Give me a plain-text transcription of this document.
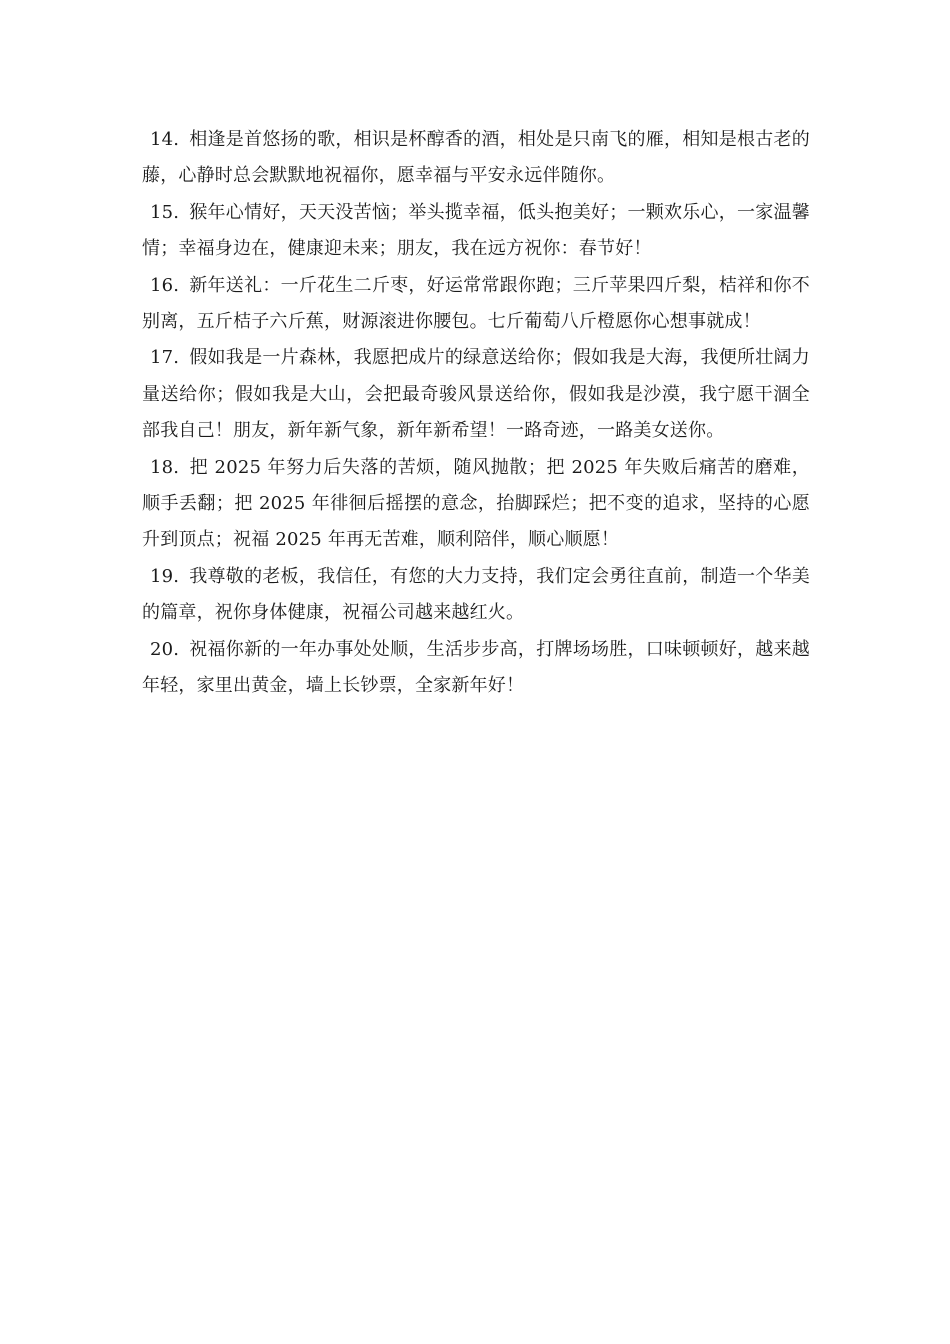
14. 相逢是首悠扬的歌，相识是杯醇香的酒，相处是只南飞的雁，相知是根古老的藤，心静时总会默默地祝福你，愿幸福与平安永远伴随你。

15. 猴年心情好，天天没苦恼；举头揽幸福，低头抱美好；一颗欢乐心，一家温馨情；幸福身边在，健康迎未来；朋友，我在远方祝你：春节好！

16. 新年送礼：一斤花生二斤枣，好运常常跟你跑；三斤苹果四斤梨，桔祥和你不别离，五斤桔子六斤蕉，财源滚进你腰包。七斤葡萄八斤橙愿你心想事就成！

17. 假如我是一片森林，我愿把成片的绿意送给你；假如我是大海，我便所壮阔力量送给你；假如我是大山，会把最奇骏风景送给你，假如我是沙漠，我宁愿干涸全部我自己！朋友，新年新气象，新年新希望！一路奇迹，一路美女送你。

18. 把 2025 年努力后失落的苦烦，随风抛散；把 2025 年失败后痛苦的磨难，顺手丢翻；把 2025 年徘徊后摇摆的意念，抬脚踩烂；把不变的追求，坚持的心愿升到顶点；祝福 2025 年再无苦难，顺利陪伴，顺心顺愿！

19. 我尊敬的老板，我信任，有您的大力支持，我们定会勇往直前，制造一个华美的篇章，祝你身体健康，祝福公司越来越红火。

20. 祝福你新的一年办事处处顺，生活步步高，打牌场场胜，口味顿顿好，越来越年轻，家里出黄金，墙上长钞票，全家新年好！
